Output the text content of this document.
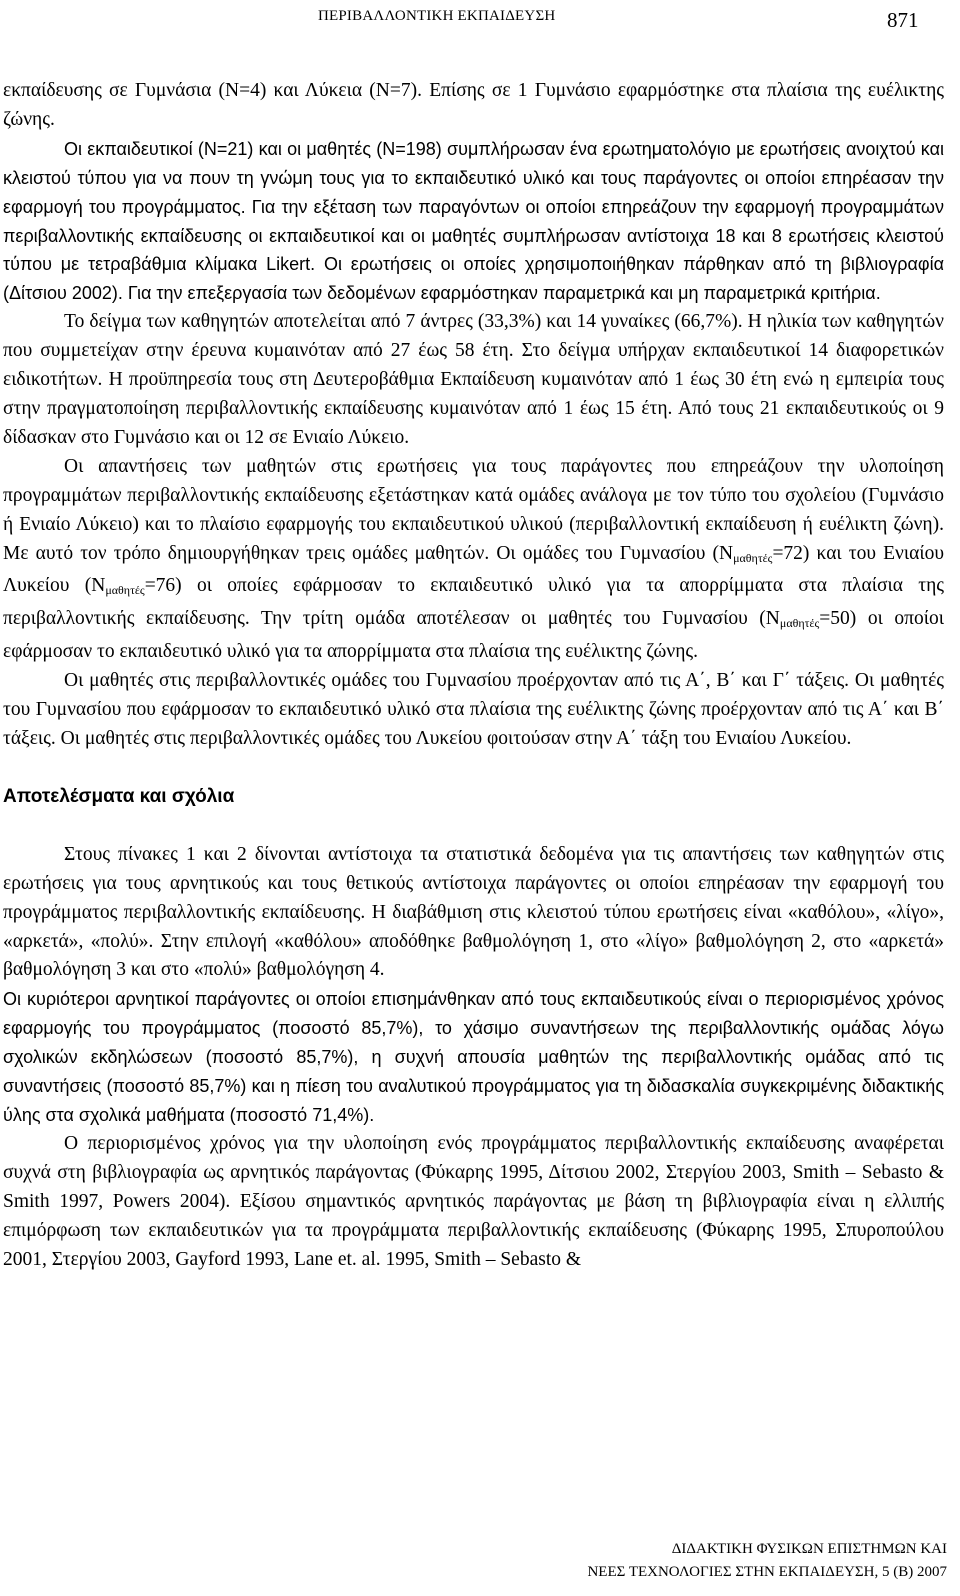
ΠΕΡΙΒΑΛΛΟΝΤΙΚΗ ΕΚΠΑΙΔΕΥΣΗ	871

εκπαίδευσης σε Γυμνάσια (N=4) και Λύκεια (N=7). Επίσης σε 1 Γυμνάσιο εφαρμόστηκε στα πλαίσια της ευέλικτης ζώνης.

Οι εκπαιδευτικοί (N=21) και οι μαθητές (N=198) συμπλήρωσαν ένα ερωτηματολόγιο με ερωτήσεις ανοιχτού και κλειστού τύπου για να πουν τη γνώμη τους για το εκπαιδευτικό υλικό και τους παράγοντες οι οποίοι επηρέασαν την εφαρμογή του προγράμματος. Για την εξέταση των παραγόντων οι οποίοι επηρεάζουν την εφαρμογή προγραμμάτων περιβαλλοντικής εκπαίδευσης οι εκπαιδευτικοί και οι μαθητές συμπλήρωσαν αντίστοιχα 18 και 8 ερωτήσεις κλειστού τύπου με τετραβάθμια κλίμακα Likert. Οι ερωτήσεις οι οποίες χρησιμοποιήθηκαν πάρθηκαν από τη βιβλιογραφία (Δίτσιου 2002). Για την επεξεργασία των δεδομένων εφαρμόστηκαν παραμετρικά και μη παραμετρικά κριτήρια.

Το δείγμα των καθηγητών αποτελείται από 7 άντρες (33,3%) και 14 γυναίκες (66,7%). Η ηλικία των καθηγητών που συμμετείχαν στην έρευνα κυμαινόταν από 27 έως 58 έτη. Στο δείγμα υπήρχαν εκπαιδευτικοί 14 διαφορετικών ειδικοτήτων. Η προϋπηρεσία τους στη Δευτεροβάθμια Εκπαίδευση κυμαινόταν από 1 έως 30 έτη ενώ η εμπειρία τους στην πραγματοποίηση περιβαλλοντικής εκπαίδευσης κυμαινόταν από 1 έως 15 έτη. Από τους 21 εκπαιδευτικούς οι 9 δίδασκαν στο Γυμνάσιο και οι 12 σε Ενιαίο Λύκειο.

Οι απαντήσεις των μαθητών στις ερωτήσεις για τους παράγοντες που επηρεάζουν την υλοποίηση προγραμμάτων περιβαλλοντικής εκπαίδευσης εξετάστηκαν κατά ομάδες ανάλογα με τον τύπο του σχολείου (Γυμνάσιο ή Ενιαίο Λύκειο) και το πλαίσιο εφαρμογής του εκπαιδευτικού υλικού (περιβαλλοντική εκπαίδευση ή ευέλικτη ζώνη). Με αυτό τον τρόπο δημιουργήθηκαν τρεις ομάδες μαθητών. Οι ομάδες του Γυμνασίου $(N_{\mu\alpha\theta\eta\tau έ\varsigma}=72)$ και του Ενιαίου Λυκείου $(N_{\mu\alpha\theta\eta\tau έ\varsigma}=76)$ οι οποίες εφάρμοσαν το εκπαιδευτικό υλικό για τα απορρίμματα στα πλαίσια της περιβαλλοντικής εκπαίδευσης. Την τρίτη ομάδα αποτέλεσαν οι μαθητές του Γυμνασίου $(N_{\mu\alpha\theta\eta\tau έ\varsigma}=50)$ οι οποίοι εφάρμοσαν το εκπαιδευτικό υλικό για τα απορρίμματα στα πλαίσια της ευέλικτης ζώνης.

Οι μαθητές στις περιβαλλοντικές ομάδες του Γυμνασίου προέρχονταν από τις Α΄, Β΄ και Γ΄ τάξεις. Οι μαθητές του Γυμνασίου που εφάρμοσαν το εκπαιδευτικό υλικό στα πλαίσια της ευέλικτης ζώνης προέρχονταν από τις Α΄ και Β΄ τάξεις. Οι μαθητές στις περιβαλλοντικές ομάδες του Λυκείου φοιτούσαν στην Α΄ τάξη του Ενιαίου Λυκείου.

Αποτελέσματα και σχόλια

Στους πίνακες 1 και 2 δίνονται αντίστοιχα τα στατιστικά δεδομένα για τις απαντήσεις των καθηγητών στις ερωτήσεις για τους αρνητικούς και τους θετικούς αντίστοιχα παράγοντες οι οποίοι επηρέασαν την εφαρμογή του προγράμματος περιβαλλοντικής εκπαίδευσης. Η διαβάθμιση στις κλειστού τύπου ερωτήσεις είναι «καθόλου», «λίγο», «αρκετά», «πολύ». Στην επιλογή «καθόλου» αποδόθηκε βαθμολόγηση 1, στο «λίγο» βαθμολόγηση 2, στο «αρκετά» βαθμολόγηση 3 και στο «πολύ» βαθμολόγηση 4.

Οι κυριότεροι αρνητικοί παράγοντες οι οποίοι επισημάνθηκαν από τους εκπαιδευτικούς είναι ο περιορισμένος χρόνος εφαρμογής του προγράμματος (ποσοστό 85,7%), το χάσιμο συναντήσεων της περιβαλλοντικής ομάδας λόγω σχολικών εκδηλώσεων (ποσοστό 85,7%), η συχνή απουσία μαθητών της περιβαλλοντικής ομάδας από τις συναντήσεις (ποσοστό 85,7%) και η πίεση του αναλυτικού προγράμματος για τη διδασκαλία συγκεκριμένης διδακτικής ύλης στα σχολικά μαθήματα (ποσοστό 71,4%).

Ο περιορισμένος χρόνος για την υλοποίηση ενός προγράμματος περιβαλλοντικής εκπαίδευσης αναφέρεται συχνά στη βιβλιογραφία ως αρνητικός παράγοντας (Φύκαρης 1995, Δίτσιου 2002, Στεργίου 2003, Smith – Sebasto & Smith 1997, Powers 2004). Εξίσου σημαντικός αρνητικός παράγοντας με βάση τη βιβλιογραφία είναι η ελλιπής επιμόρφωση των εκπαιδευτικών για τα προγράμματα περιβαλλοντικής εκπαίδευσης (Φύκαρης 1995, Σπυροπούλου 2001, Στεργίου 2003, Gayford 1993, Lane et. al. 1995, Smith – Sebasto &

ΔΙΔΑΚΤΙΚΗ ΦΥΣΙΚΩΝ ΕΠΙΣΤΗΜΩΝ ΚΑΙ
ΝΕΕΣ ΤΕΧΝΟΛΟΓΙΕΣ ΣΤΗΝ ΕΚΠΑΙΔΕΥΣΗ, 5 (Β) 2007
